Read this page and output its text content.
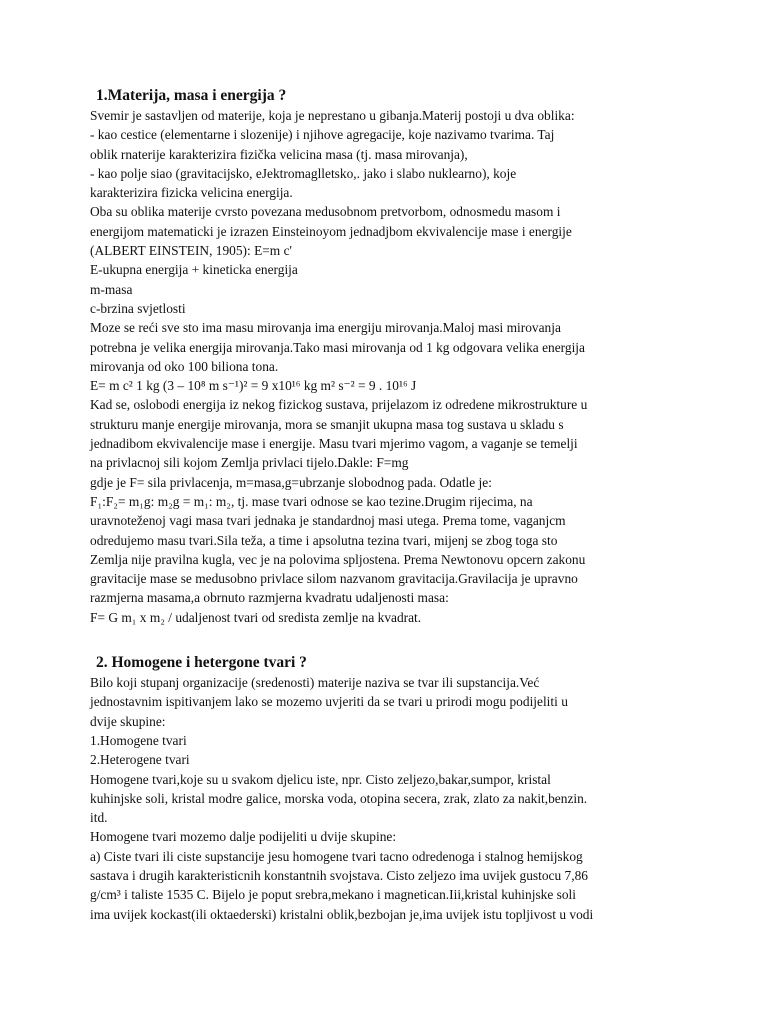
1.Materija, masa i energija ?

Svemir je sastavljen od materije, koja je neprestano u gibanja.Materij postoji u dva oblika:

- kao cestice (elementarne i slozenije) i njihove agregacije, koje nazivamo tvarima. Taj

oblik rnaterije karakterizira fizička velicina masa (tj. masa mirovanja),

- kao polje siao (gravitacijsko, eJektromaglletsko,. jako i slabo nuklearno), koje

karakterizira fizicka velicina energija.

Oba su oblika materije cvrsto povezana medusobnom pretvorbom, odnosmedu masom i

energijom matematicki je izrazen Einsteinoyom jednadjbom ekvivalencije mase i energije

(ALBERT EINSTEIN, 1905): E=m c'

E-ukupna energija + kineticka energija

m-masa

c-brzina svjetlosti

Moze se reći sve sto ima masu mirovanja ima energiju mirovanja.Maloj masi mirovanja

potrebna je velika energija mirovanja.Tako masi mirovanja od 1 kg odgovara velika energija

mirovanja od oko 100 biliona tona.

E= m c² 1 kg (3 – 10⁸ m s⁻¹)² = 9 x10¹⁶ kg m² s⁻² = 9 . 10¹⁶ J

Kad se, oslobodi energija iz nekog fizickog sustava, prijelazom iz odredene mikrostrukture u

strukturu manje energije mirovanja, mora se smanjit ukupna masa tog sustava u skladu s

jednadibom ekvivalencije mase i energije. Masu tvari mjerimo vagom, a vaganje se temelji

na privlacnoj sili kojom Zemlja privlaci tijelo.Dakle: F=mg

gdje je F= sila privlacenja, m=masa,g=ubrzanje slobodnog pada. Odatle je:

F₁:F₂= m₁g: m₂g = m₁: m₂, tj. mase tvari odnose se kao tezine.Drugim rijecima, na

uravnoteženoj vagi masa tvari jednaka je standardnoj masi utega. Prema tome, vaganjcm

odredujemo masu tvari.Sila teža, a time i apsolutna tezina tvari, mijenj se zbog toga sto

Zemlja nije pravilna kugla, vec je na polovima spljostena. Prema Newtonovu opcern zakonu

gravitacije mase se medusobno privlace silom nazvanom gravitacija.Gravilacija je upravno

razmjerna masama,a obrnuto razmjerna kvadratu udaljenosti masa:

F= G m₁ x m₂ / udaljenost tvari od sredista zemlje na kvadrat.

2. Homogene i hetergone tvari ?

Bilo koji stupanj organizacije (sredenosti) materije naziva se tvar ili supstancija.Već

jednostavnim ispitivanjem lako se mozemo uvjeriti da se tvari u prirodi mogu podijeliti u

dvije skupine:

1.Homogene tvari

2.Heterogene tvari

Homogene tvari,koje su u svakom djelicu iste, npr. Cisto zeljezo,bakar,sumpor, kristal

kuhinjske soli, kristal modre galice, morska voda, otopina secera, zrak, zlato za nakit,benzin.

itd.

Homogene tvari mozemo dalje podijeliti u dvije skupine:

a) Ciste tvari ili ciste supstancije jesu homogene tvari tacno odredenoga i stalnog hemijskog

sastava i drugih karakteristicnih konstantnih svojstava. Cisto zeljezo ima uvijek gustocu 7,86

g/cm³ i taliste 1535 C. Bijelo je poput srebra,mekano i magnetican.Iii,kristal kuhinjske soli

ima uvijek kockast(ili oktaederski) kristalni oblik,bezbojan je,ima uvijek istu topljivost u vodi
